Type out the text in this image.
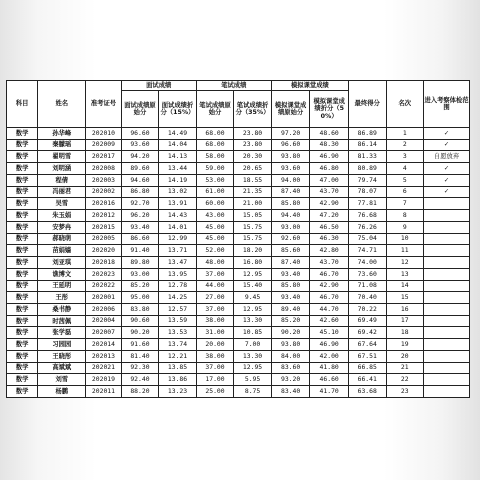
科目	姓名	准考证号	面试成绩		笔试成绩		模拟课堂成绩		最终得分	名次	进入考察体检范围
			面试成绩原始分	面试成绩折分（15%）	笔试成绩原始分	笔试成绩折分（35%）	模拟课堂成绩原始分	模拟课堂成绩折分（50%）			
数学	孙华峰	202010	96.60	14.49	68.00	23.80	97.20	48.60	86.89	1	✓
数学	秦朦瑶	202009	93.60	14.04	68.00	23.80	96.60	48.30	86.14	2	✓
数学	翟明雪	202017	94.20	14.13	58.00	20.30	93.80	46.90	81.33	3	自愿放弃
数学	刘明涵	202008	89.60	13.44	59.00	20.65	93.60	46.80	80.89	4	✓
数学	程倩	202003	94.60	14.19	53.00	18.55	94.00	47.00	79.74	5	✓
数学	冯丽君	202002	86.80	13.02	61.00	21.35	87.40	43.70	78.07	6	✓
数学	吴雪	202016	92.70	13.91	60.00	21.00	85.80	42.90	77.81	7	
数学	朱玉娟	202012	96.20	14.43	43.00	15.05	94.40	47.20	76.68	8	
数学	安梦冉	202015	93.40	14.01	45.00	15.75	93.00	46.50	76.26	9	
数学	郝晓萌	202005	86.60	12.99	45.00	15.75	92.60	46.30	75.04	10	
数学	苗娟嫱	202020	91.40	13.71	52.00	18.20	85.60	42.80	74.71	11	
数学	刘亚琪	202018	89.80	13.47	48.00	16.80	87.40	43.70	74.00	12	
数学	谯博文	202023	93.00	13.95	37.00	12.95	93.40	46.70	73.60	13	
数学	王延明	202022	85.20	12.78	44.00	15.40	85.80	42.90	71.08	14	
数学	王彤	202001	95.00	14.25	27.00	9.45	93.40	46.70	70.40	15	
数学	桑书静	202006	83.80	12.57	37.00	12.95	89.40	44.70	70.22	16	
数学	时茜佩	202004	90.60	13.59	38.00	13.30	85.20	42.60	69.49	17	
数学	张学磊	202007	90.20	13.53	31.00	10.85	90.20	45.10	69.42	18	
数学	习园园	202014	91.60	13.74	20.00	7.00	93.80	46.90	67.64	19	
数学	王晓彤	202013	81.40	12.21	38.00	13.30	84.00	42.00	67.51	20	
数学	高斌斌	202021	92.30	13.85	37.00	12.95	83.60	41.80	66.85	21	
数学	刘雪	202019	92.40	13.86	17.00	5.95	93.20	46.60	66.41	22	
数学	杨鹏	202011	88.20	13.23	25.00	8.75	83.40	41.70	63.68	23	
